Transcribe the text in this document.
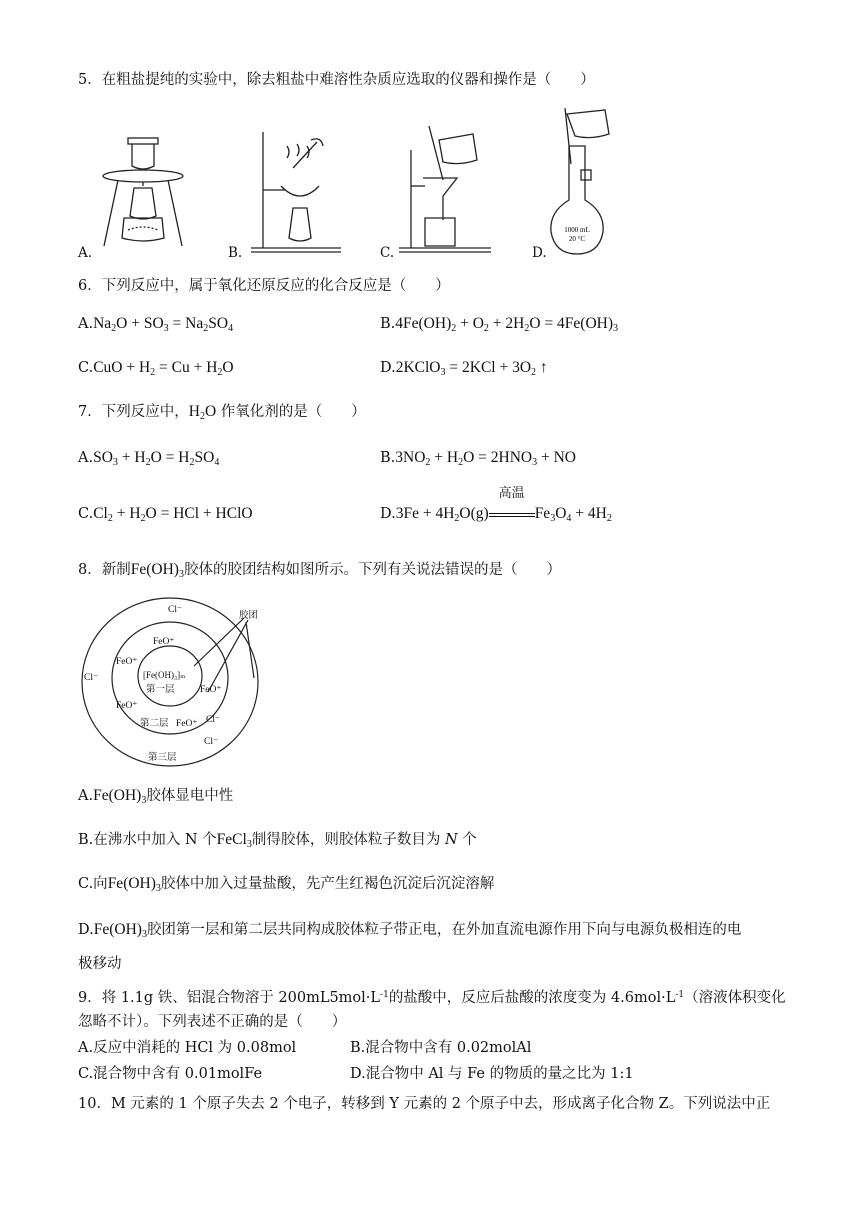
5．在粗盐提纯的实验中，除去粗盐中难溶性杂质应选取的仪器和操作是（　　）
A.	B.	C.
1000 mL
20 °C
D.
6．下列反应中，属于氧化还原反应的化合反应是（　　）
$A.Na_2O + SO_3 = Na_2SO_4$	$B.4Fe(OH)_2 + O_2 + 2H_2O = 4Fe(OH)_3$
$C.CuO + H_2 = Cu + H_2O$	D.2KClO$_3$ = $2KCl + 3O_2$ ↑
7．下列反应中，$H_2O$ 作氧化剂的是（　　）
$A.SO_3 + H_2O = H_2SO_4$	$B.3NO_2 + H_2O = 2HNO_3$ + NO
$C.Cl_2 + H_2O$ = HCl + HClO	$D.3Fe + 4H_2O(g)$
高温
$Fe_3O_4 + 4H_2$
8．新制$Fe(OH)_3$胶体的胶团结构如图所示。下列有关说法错误的是（　　）
胶团
Cl⁻
Cl⁻
Cl⁻
Cl⁻
FeO⁺
FeO⁺
FeO⁺
FeO⁺
FeO⁺
[Fe(OH)₃]ₘ
第一层
第二层
第三层
$A.Fe(OH)_3$胶体显电中性
B.在沸水中加入 N 个FeCl$_3$制得胶体，则胶体粒子数目为 N 个
C.向$Fe(OH)_3$胶体中加入过量盐酸，先产生红褐色沉淀后沉淀溶解
$D.Fe(OH)_3$胶团第一层和第二层共同构成胶体粒子带正电，在外加直流电源作用下向与电源负极相连的电
极移动
9．将 1.1g 铁、铝混合物溶于 $200mL5mol\cdot L^{-1}$的盐酸中，反应后盐酸的浓度变为 $4.6mol\cdot L^{-1}$（溶液体积变化
忽略不计）。下列表述不正确的是（　　）
A.反应中消耗的 HCl 为 0.08mol	B.混合物中含有 0.02molAl
C.混合物中含有 0.01molFe	D.混合物中 Al 与 Fe 的物质的量之比为 1:1
10．M 元素的 1 个原子失去 2 个电子，转移到 Y 元素的 2 个原子中去，形成离子化合物 Z。下列说法中正
